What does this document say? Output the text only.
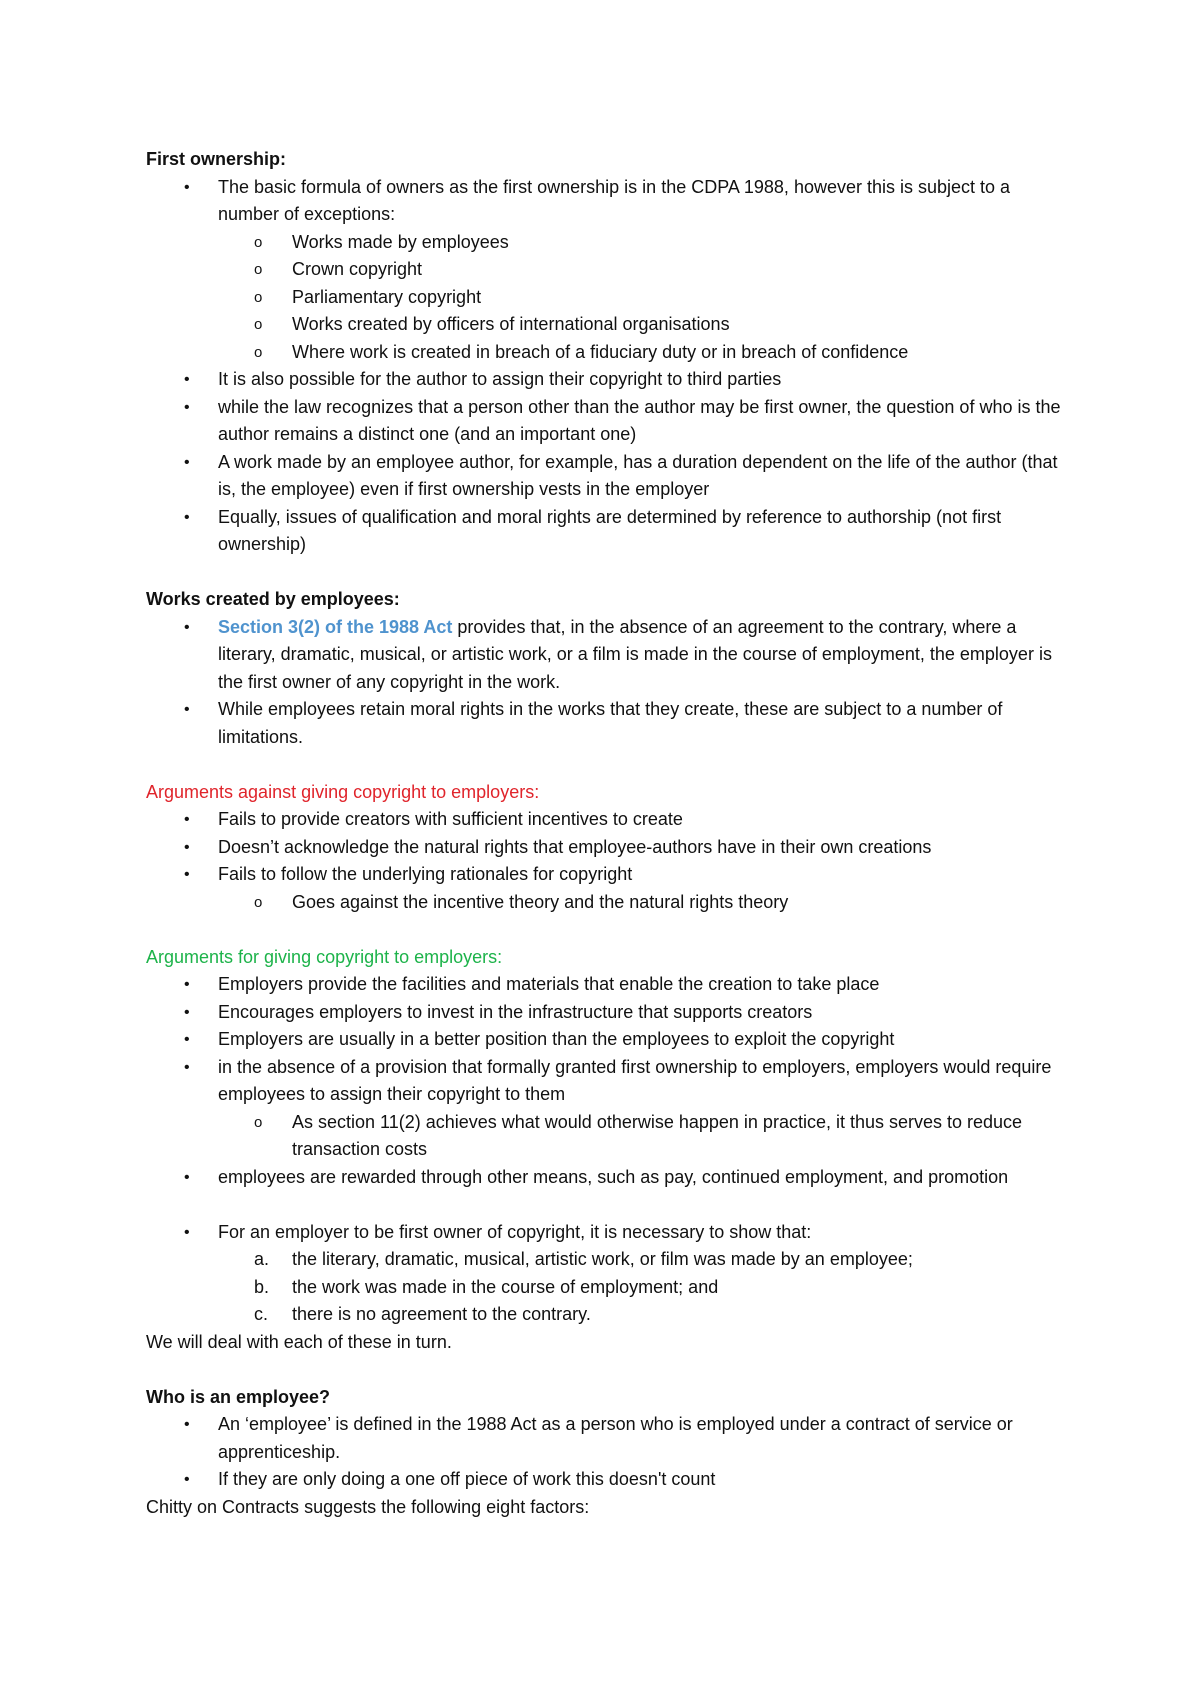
First ownership:

• The basic formula of owners as the first ownership is in the CDPA 1988, however this is subject to a number of exceptions:
o Works made by employees
o Crown copyright
o Parliamentary copyright
o Works created by officers of international organisations
o Where work is created in breach of a fiduciary duty or in breach of confidence
• It is also possible for the author to assign their copyright to third parties
• while the law recognizes that a person other than the author may be first owner, the question of who is the author remains a distinct one (and an important one)
• A work made by an employee author, for example, has a duration dependent on the life of the author (that is, the employee) even if first ownership vests in the employer
• Equally, issues of qualification and moral rights are determined by reference to authorship (not first ownership)

Works created by employees:

• Section 3(2) of the 1988 Act provides that, in the absence of an agreement to the contrary, where a literary, dramatic, musical, or artistic work, or a film is made in the course of employment, the employer is the first owner of any copyright in the work.
• While employees retain moral rights in the works that they create, these are subject to a number of limitations.

Arguments against giving copyright to employers:

• Fails to provide creators with sufficient incentives to create
• Doesn’t acknowledge the natural rights that employee-authors have in their own creations
• Fails to follow the underlying rationales for copyright
o Goes against the incentive theory and the natural rights theory

Arguments for giving copyright to employers:

• Employers provide the facilities and materials that enable the creation to take place
• Encourages employers to invest in the infrastructure that supports creators
• Employers are usually in a better position than the employees to exploit the copyright
• in the absence of a provision that formally granted first ownership to employers, employers would require employees to assign their copyright to them
o As section 11(2) achieves what would otherwise happen in practice, it thus serves to reduce transaction costs
• employees are rewarded through other means, such as pay, continued employment, and promotion
• For an employer to be first owner of copyright, it is necessary to show that:
a. the literary, dramatic, musical, artistic work, or film was made by an employee;
b. the work was made in the course of employment; and
c. there is no agreement to the contrary.

We will deal with each of these in turn.

Who is an employee?

• An ‘employee’ is defined in the 1988 Act as a person who is employed under a contract of service or apprenticeship.
• If they are only doing a one off piece of work this doesn't count

Chitty on Contracts suggests the following eight factors:
